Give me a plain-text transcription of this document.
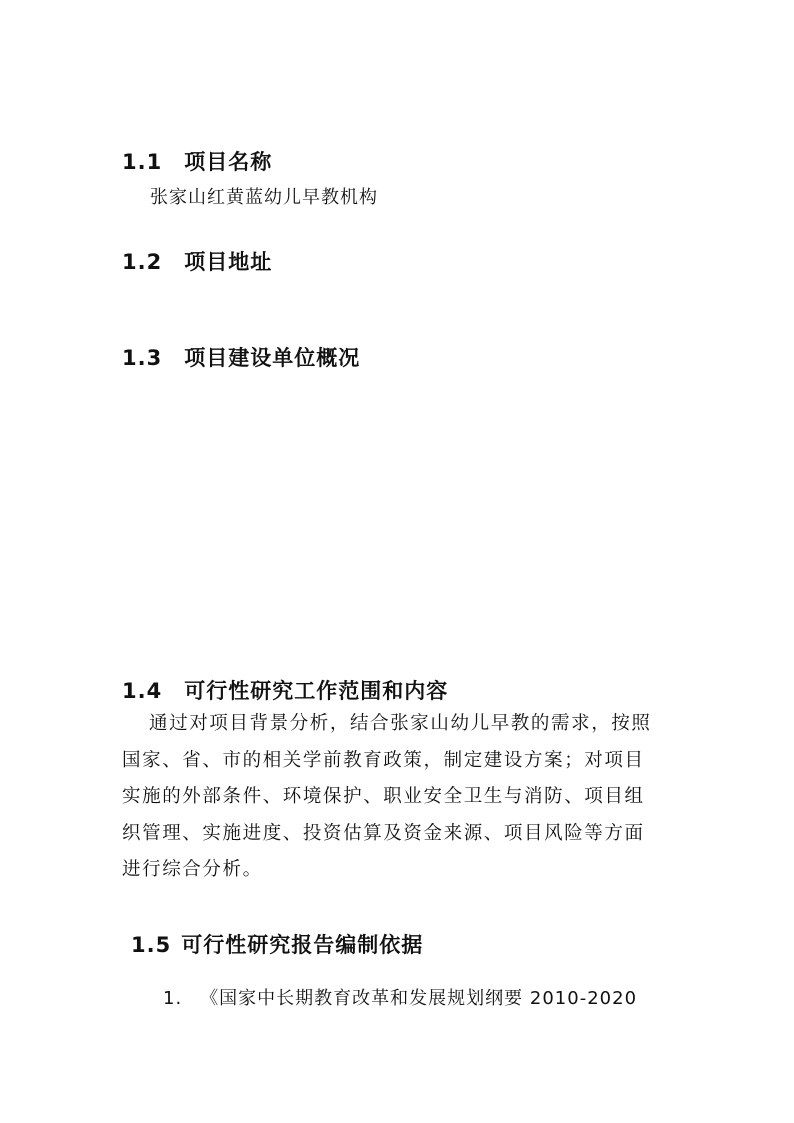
1.1 项目名称
张家山红黄蓝幼儿早教机构
1.2 项目地址
1.3 项目建设单位概况
1.4 可行性研究工作范围和内容
通过对项目背景分析，结合张家山幼儿早教的需求，按照
国家、省、市的相关学前教育政策，制定建设方案；对项目
实施的外部条件、环境保护、职业安全卫生与消防、项目组
织管理、实施进度、投资估算及资金来源、项目风险等方面
进行综合分析。
1.5 可行性研究报告编制依据
1. 《国家中长期教育改革和发展规划纲要 2010-2020
